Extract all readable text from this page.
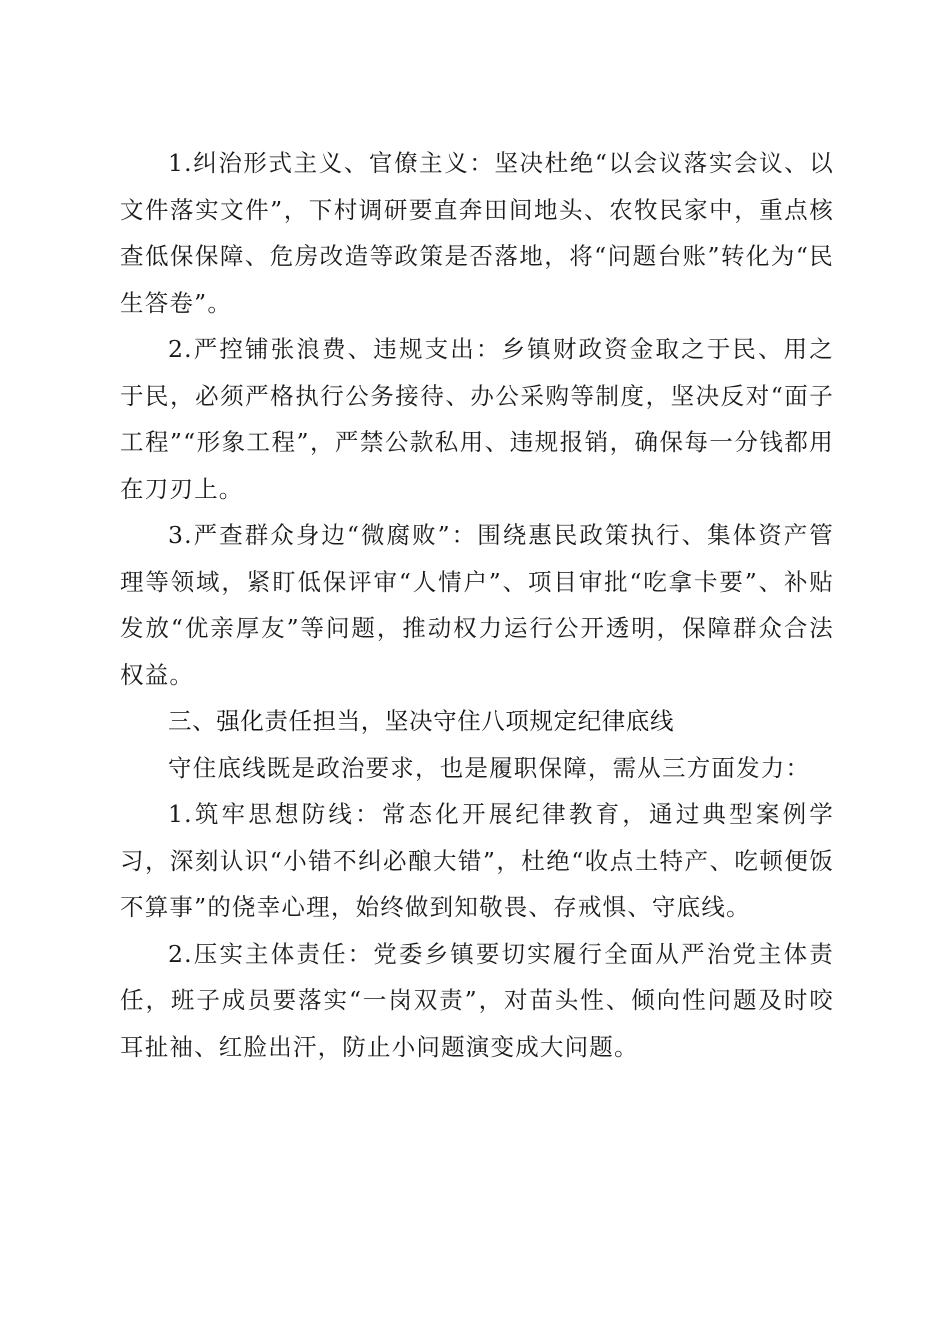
1.纠治形式主义、官僚主义：坚决杜绝“以会议落实会议、以文件落实文件”，下村调研要直奔田间地头、农牧民家中，重点核查低保保障、危房改造等政策是否落地，将“问题台账”转化为“民生答卷”。

2.严控铺张浪费、违规支出：乡镇财政资金取之于民、用之于民，必须严格执行公务接待、办公采购等制度，坚决反对“面子工程”“形象工程”，严禁公款私用、违规报销，确保每一分钱都用在刀刃上。

3.严查群众身边“微腐败”：围绕惠民政策执行、集体资产管理等领域，紧盯低保评审“人情户”、项目审批“吃拿卡要”、补贴发放“优亲厚友”等问题，推动权力运行公开透明，保障群众合法权益。

三、强化责任担当，坚决守住八项规定纪律底线

守住底线既是政治要求，也是履职保障，需从三方面发力：

1.筑牢思想防线：常态化开展纪律教育，通过典型案例学习，深刻认识“小错不纠必酿大错”，杜绝“收点土特产、吃顿便饭不算事”的侥幸心理，始终做到知敬畏、存戒惧、守底线。

2.压实主体责任：党委乡镇要切实履行全面从严治党主体责任，班子成员要落实“一岗双责”，对苗头性、倾向性问题及时咬耳扯袖、红脸出汗，防止小问题演变成大问题。
